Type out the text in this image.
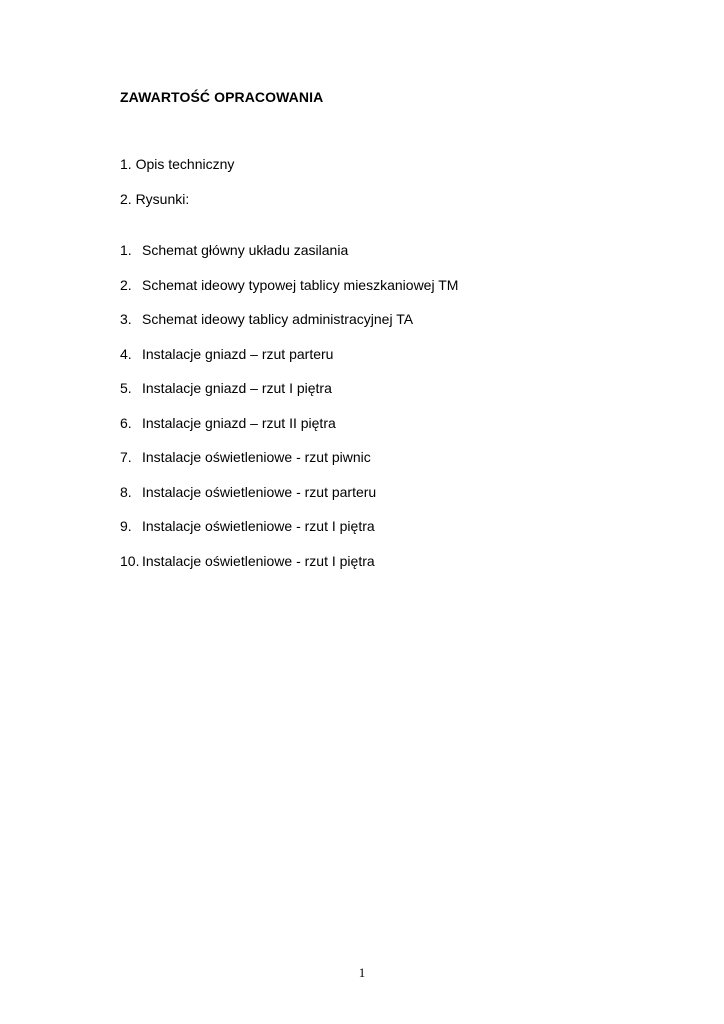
ZAWARTOŚĆ OPRACOWANIA
1. Opis techniczny
2. Rysunki:
1. Schemat główny układu zasilania
2. Schemat ideowy typowej tablicy mieszkaniowej TM
3. Schemat ideowy tablicy administracyjnej TA
4. Instalacje gniazd – rzut parteru
5. Instalacje gniazd – rzut I piętra
6. Instalacje gniazd – rzut II piętra
7. Instalacje oświetleniowe - rzut piwnic
8. Instalacje oświetleniowe - rzut parteru
9. Instalacje oświetleniowe - rzut I piętra
10. Instalacje oświetleniowe - rzut I piętra
1
